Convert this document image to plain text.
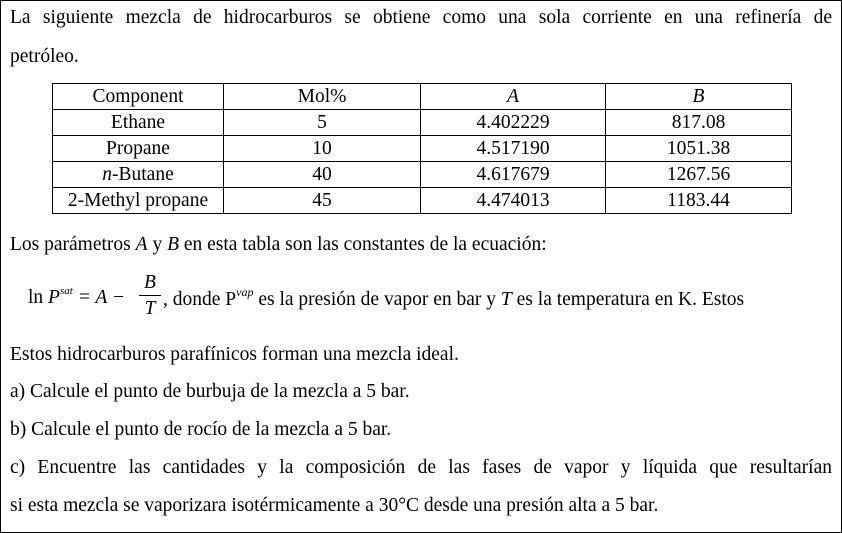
La siguiente mezcla de hidrocarburos se obtiene como una sola corriente en una refinería de
petróleo.
Component	Mol%	A	B
Ethane	5	4.402229	817.08
Propane	10	4.517190	1051.38
n-Butane	40	4.617679	1267.56
2-Methyl propane	45	4.474013	1183.44
Los parámetros A y B en esta tabla son las constantes de la ecuación:
$\ln P^{sat} = A$ −
B
T , donde $P^{vap}$ es la presión de vapor en bar y T es la temperatura en K. Estos
Estos hidrocarburos parafínicos forman una mezcla ideal.
a) Calcule el punto de burbuja de la mezcla a 5 bar.
b) Calcule el punto de rocío de la mezcla a 5 bar.
c) Encuentre las cantidades y la composición de las fases de vapor y líquida que resultarían
si esta mezcla se vaporizara isotérmicamente a 30°C desde una presión alta a 5 bar.
